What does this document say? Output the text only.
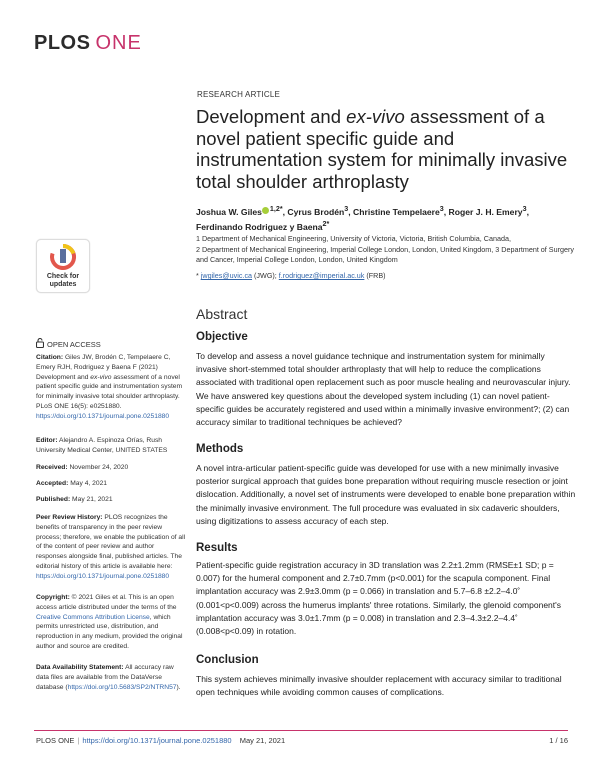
PLOS ONE
RESEARCH ARTICLE
Development and ex-vivo assessment of a novel patient specific guide and instrumentation system for minimally invasive total shoulder arthroplasty
Joshua W. Giles $^{1,2*}$, Cyrus Brodén$^3$, Christine Tempelaere$^3$, Roger J. H. Emery$^3$,
Ferdinando Rodriguez y Baena$^{2*}$

1 Department of Mechanical Engineering, University of Victoria, Victoria, British Columbia, Canada,

2 Department of Mechanical Engineering, Imperial College London, London, United Kingdom, 3 Department of Surgery and Cancer, Imperial College London, London, United Kingdom

* jwgiles@uvic.ca (JWG); f.rodriguez@imperial.ac.uk (FRB)
Check for
updates
OPEN ACCESS
Citation: Giles JW, Brodén C, Tempelaere C, Emery RJH, Rodriguez y Baena F (2021) Development and ex-vivo assessment of a novel patient specific guide and instrumentation system for minimally invasive total shoulder arthroplasty. PLoS ONE 16(5): e0251880. https://doi.org/10.1371/journal.pone.0251880
Editor: Alejandro A. Espinoza Orías, Rush University Medical Center, UNITED STATES
Received: November 24, 2020
Accepted: May 4, 2021
Published: May 21, 2021
Peer Review History: PLOS recognizes the benefits of transparency in the peer review process; therefore, we enable the publication of all of the content of peer review and author responses alongside final, published articles. The editorial history of this article is available here: https://doi.org/10.1371/journal.pone.0251880
Copyright: © 2021 Giles et al. This is an open access article distributed under the terms of the Creative Commons Attribution License, which permits unrestricted use, distribution, and reproduction in any medium, provided the original author and source are credited.
Data Availability Statement: All accuracy raw data files are available from the DataVerse database (https://doi.org/10.5683/SP2/NTRN57).
Abstract
Objective

To develop and assess a novel guidance technique and instrumentation system for minimally invasive short-stemmed total shoulder arthroplasty that will help to reduce the complications associated with traditional open replacement such as poor muscle healing and neurovascular injury. We have answered key questions about the developed system including (1) can novel patient-specific guides be accurately registered and used within a minimally invasive environment?; (2) can accuracy similar to traditional techniques be achieved?

Methods

A novel intra-articular patient-specific guide was developed for use with a new minimally invasive posterior surgical approach that guides bone preparation without requiring muscle resection or joint dislocation. Additionally, a novel set of instruments were developed to enable bone preparation within the minimally invasive environment. The full procedure was evaluated in six cadaveric shoulders, using digitizations to assess accuracy of each step.

Results

Patient-specific guide registration accuracy in 3D translation was 2.2±1.2mm (RMSE±1 SD; p = 0.007) for the humeral component and 2.7±0.7mm (p<0.001) for the scapula component. Final implantation accuracy was 2.9±3.0mm (p = 0.066) in translation and 5.7–6.8 ±2.2–4.0˚ (0.001<p<0.009) across the humerus implants' three rotations. Similarly, the glenoid component's implantation accuracy was 3.0±1.7mm (p = 0.008) in translation and 2.3–4.3±2.2–4.4˚ (0.008<p<0.09) in rotation.

Conclusion

This system achieves minimally invasive shoulder replacement with accuracy similar to traditional open techniques while avoiding common causes of complications.

PLOS ONE | https://doi.org/10.1371/journal.pone.0251880 May 21, 2021	1 / 16
